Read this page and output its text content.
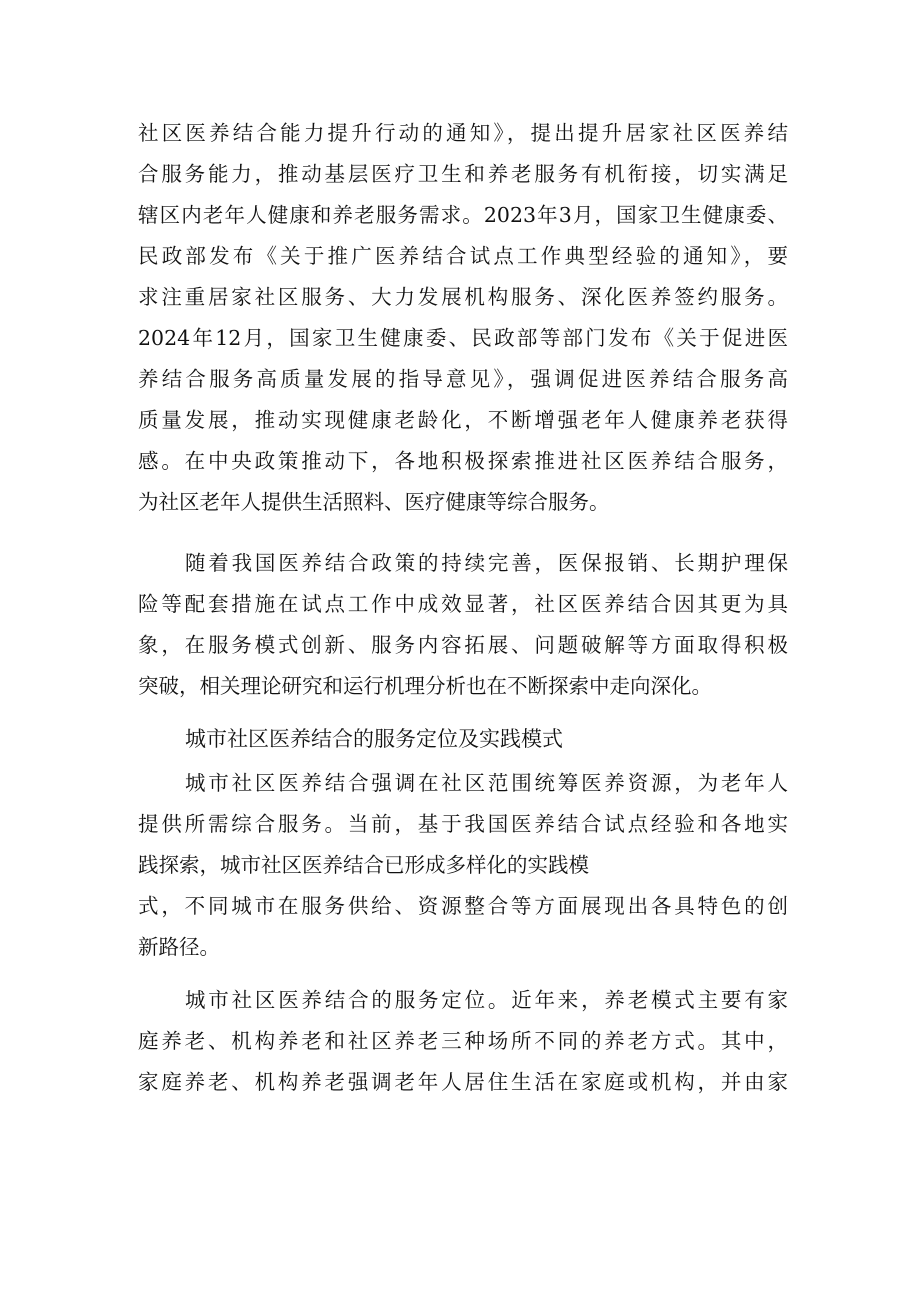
社区医养结合能力提升行动的通知》，提出提升居家社区医养结
合服务能力，推动基层医疗卫生和养老服务有机衔接，切实满足
辖区内老年人健康和养老服务需求。2023年3月，国家卫生健康委、
民政部发布《关于推广医养结合试点工作典型经验的通知》，要
求注重居家社区服务、大力发展机构服务、深化医养签约服务。
2024年12月，国家卫生健康委、民政部等部门发布《关于促进医
养结合服务高质量发展的指导意见》，强调促进医养结合服务高
质量发展，推动实现健康老龄化，不断增强老年人健康养老获得
感。在中央政策推动下，各地积极探索推进社区医养结合服务，
为社区老年人提供生活照料、医疗健康等综合服务。
随着我国医养结合政策的持续完善，医保报销、长期护理保
险等配套措施在试点工作中成效显著，社区医养结合因其更为具
象，在服务模式创新、服务内容拓展、问题破解等方面取得积极
突破，相关理论研究和运行机理分析也在不断探索中走向深化。
城市社区医养结合的服务定位及实践模式
城市社区医养结合强调在社区范围统筹医养资源，为老年人
提供所需综合服务。当前，基于我国医养结合试点经验和各地实
践探索，城市社区医养结合已形成多样化的实践模
式，不同城市在服务供给、资源整合等方面展现出各具特色的创
新路径。
城市社区医养结合的服务定位。近年来，养老模式主要有家
庭养老、机构养老和社区养老三种场所不同的养老方式。其中，
家庭养老、机构养老强调老年人居住生活在家庭或机构，并由家
